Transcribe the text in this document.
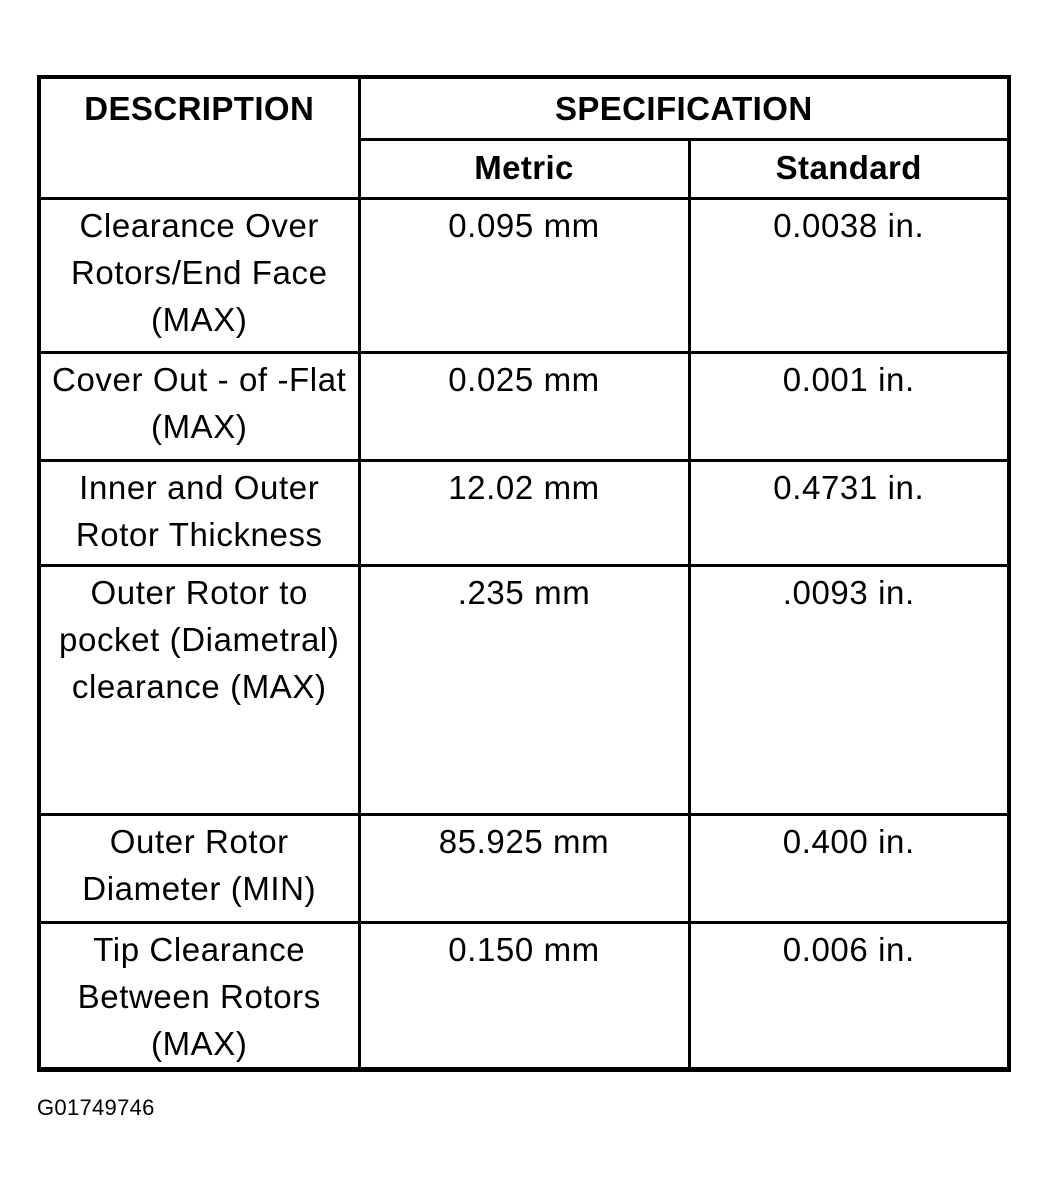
DESCRIPTION	SPECIFICATION	
	Metric	Standard
Clearance Over Rotors/End Face (MAX)	0.095 mm	0.0038 in.
Cover Out - of -Flat (MAX)	0.025 mm	0.001 in.
Inner and Outer Rotor Thickness	12.02 mm	0.4731 in.
Outer Rotor to pocket (Diametral) clearance (MAX)	.235 mm	.0093 in.
Outer Rotor Diameter (MIN)	85.925 mm	0.400 in.
Tip Clearance Between Rotors (MAX)	0.150 mm	0.006 in.
G01749746
